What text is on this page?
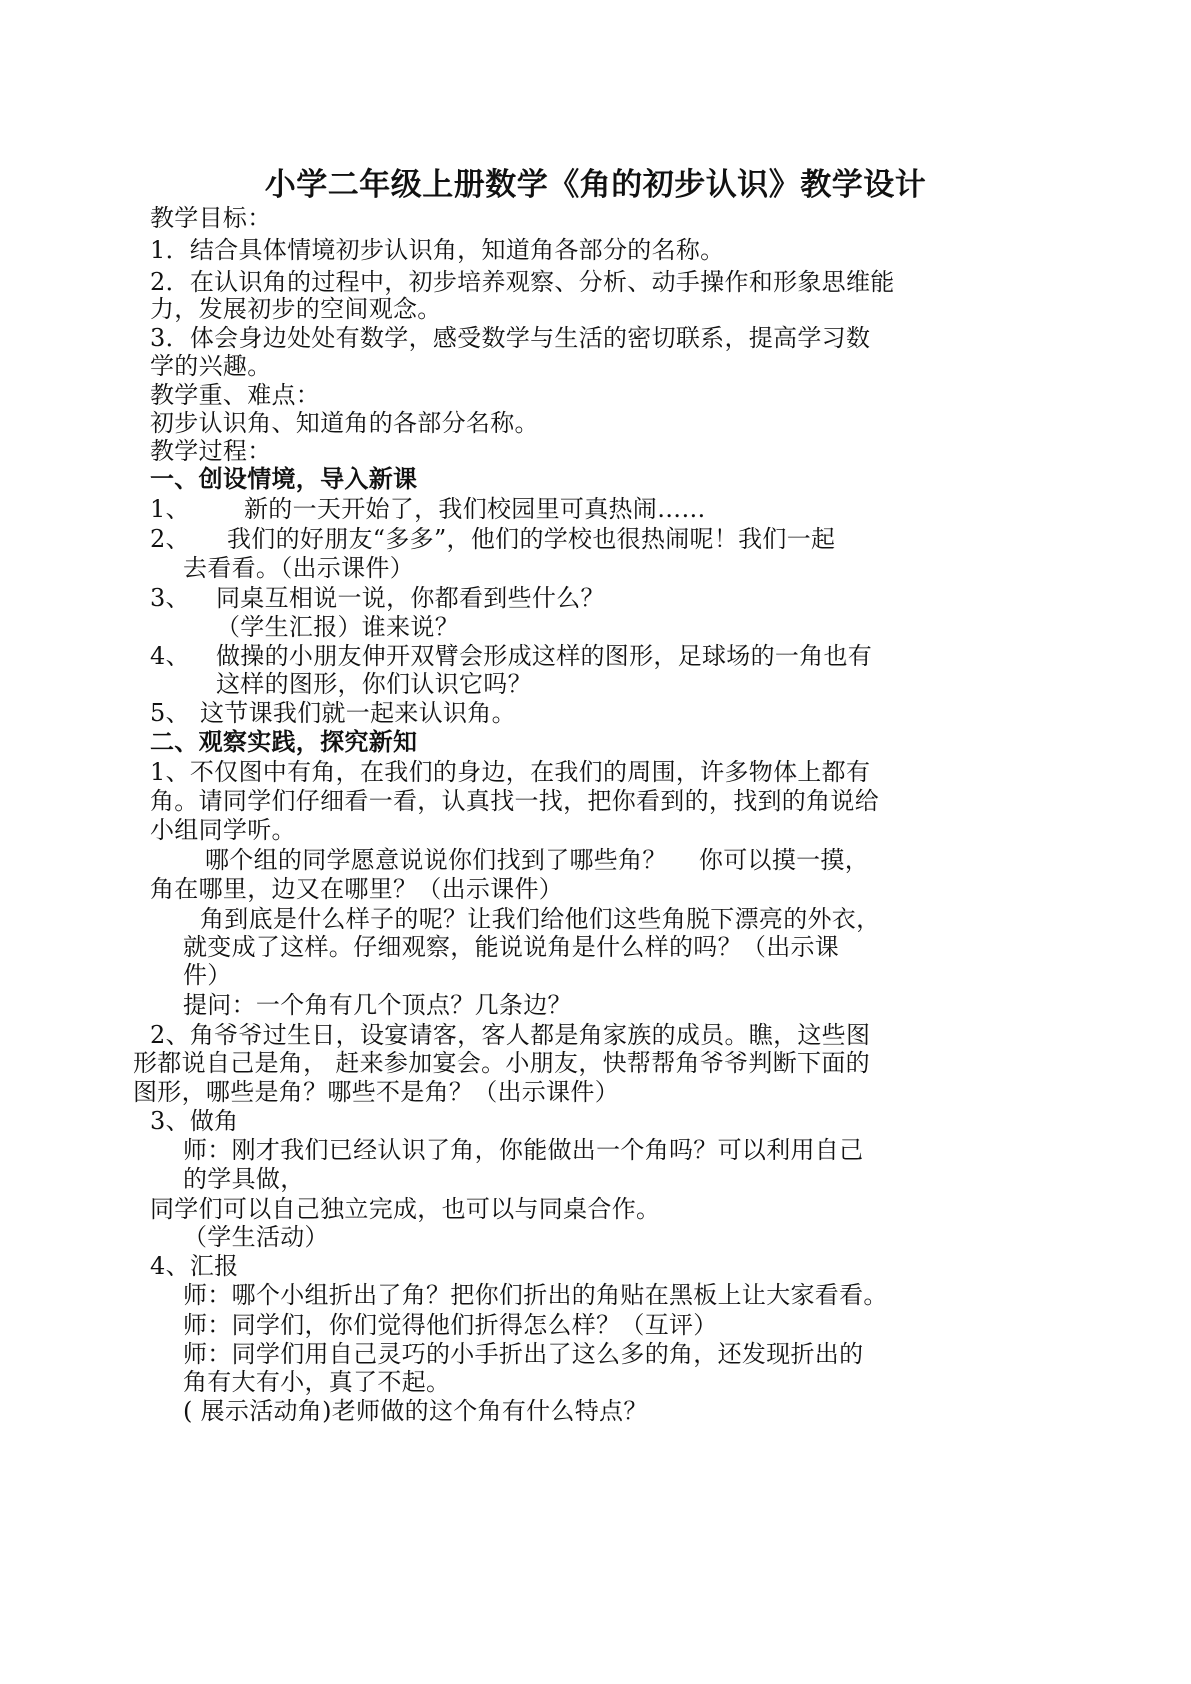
小学二年级上册数学《角的初步认识》教学设计
教学目标：
1．结合具体情境初步认识角，知道角各部分的名称。
2．在认识角的过程中，初步培养观察、分析、动手操作和形象思维能
力，发展初步的空间观念。
3．体会身边处处有数学，感受数学与生活的密切联系，提高学习数
学的兴趣。
教学重、难点：
初步认识角、知道角的各部分名称。
教学过程：
一、创设情境，导入新课
1、 新的一天开始了，我们校园里可真热闹……
2、 我们的好朋友“多多”，他们的学校也很热闹呢！我们一起
去看看。（出示课件）
3、 同桌互相说一说，你都看到些什么？
（学生汇报）谁来说？
4、 做操的小朋友伸开双臂会形成这样的图形，足球场的一角也有
这样的图形，你们认识它吗？
5、 这节课我们就一起来认识角。
二、观察实践，探究新知
1、不仅图中有角，在我们的身边，在我们的周围，许多物体上都有
角。请同学们仔细看一看，认真找一找，把你看到的，找到的角说给
小组同学听。
哪个组的同学愿意说说你们找到了哪些角？　 你可以摸一摸，
角在哪里，边又在哪里？（出示课件）
角到底是什么样子的呢？让我们给他们这些角脱下漂亮的外衣，
就变成了这样。仔细观察，能说说角是什么样的吗？（出示课
件）
提问：一个角有几个顶点？几条边？
2、角爷爷过生日，设宴请客，客人都是角家族的成员。瞧，这些图
形都说自己是角， 赶来参加宴会。小朋友，快帮帮角爷爷判断下面的
图形，哪些是角？哪些不是角？（出示课件）
3、做角
师：刚才我们已经认识了角，你能做出一个角吗？可以利用自己
的学具做，
同学们可以自己独立完成，也可以与同桌合作。
（学生活动）
4、汇报
师：哪个小组折出了角？把你们折出的角贴在黑板上让大家看看。
师：同学们，你们觉得他们折得怎么样？（互评）
师：同学们用自己灵巧的小手折出了这么多的角，还发现折出的
角有大有小，真了不起。
( 展示活动角)老师做的这个角有什么特点？
